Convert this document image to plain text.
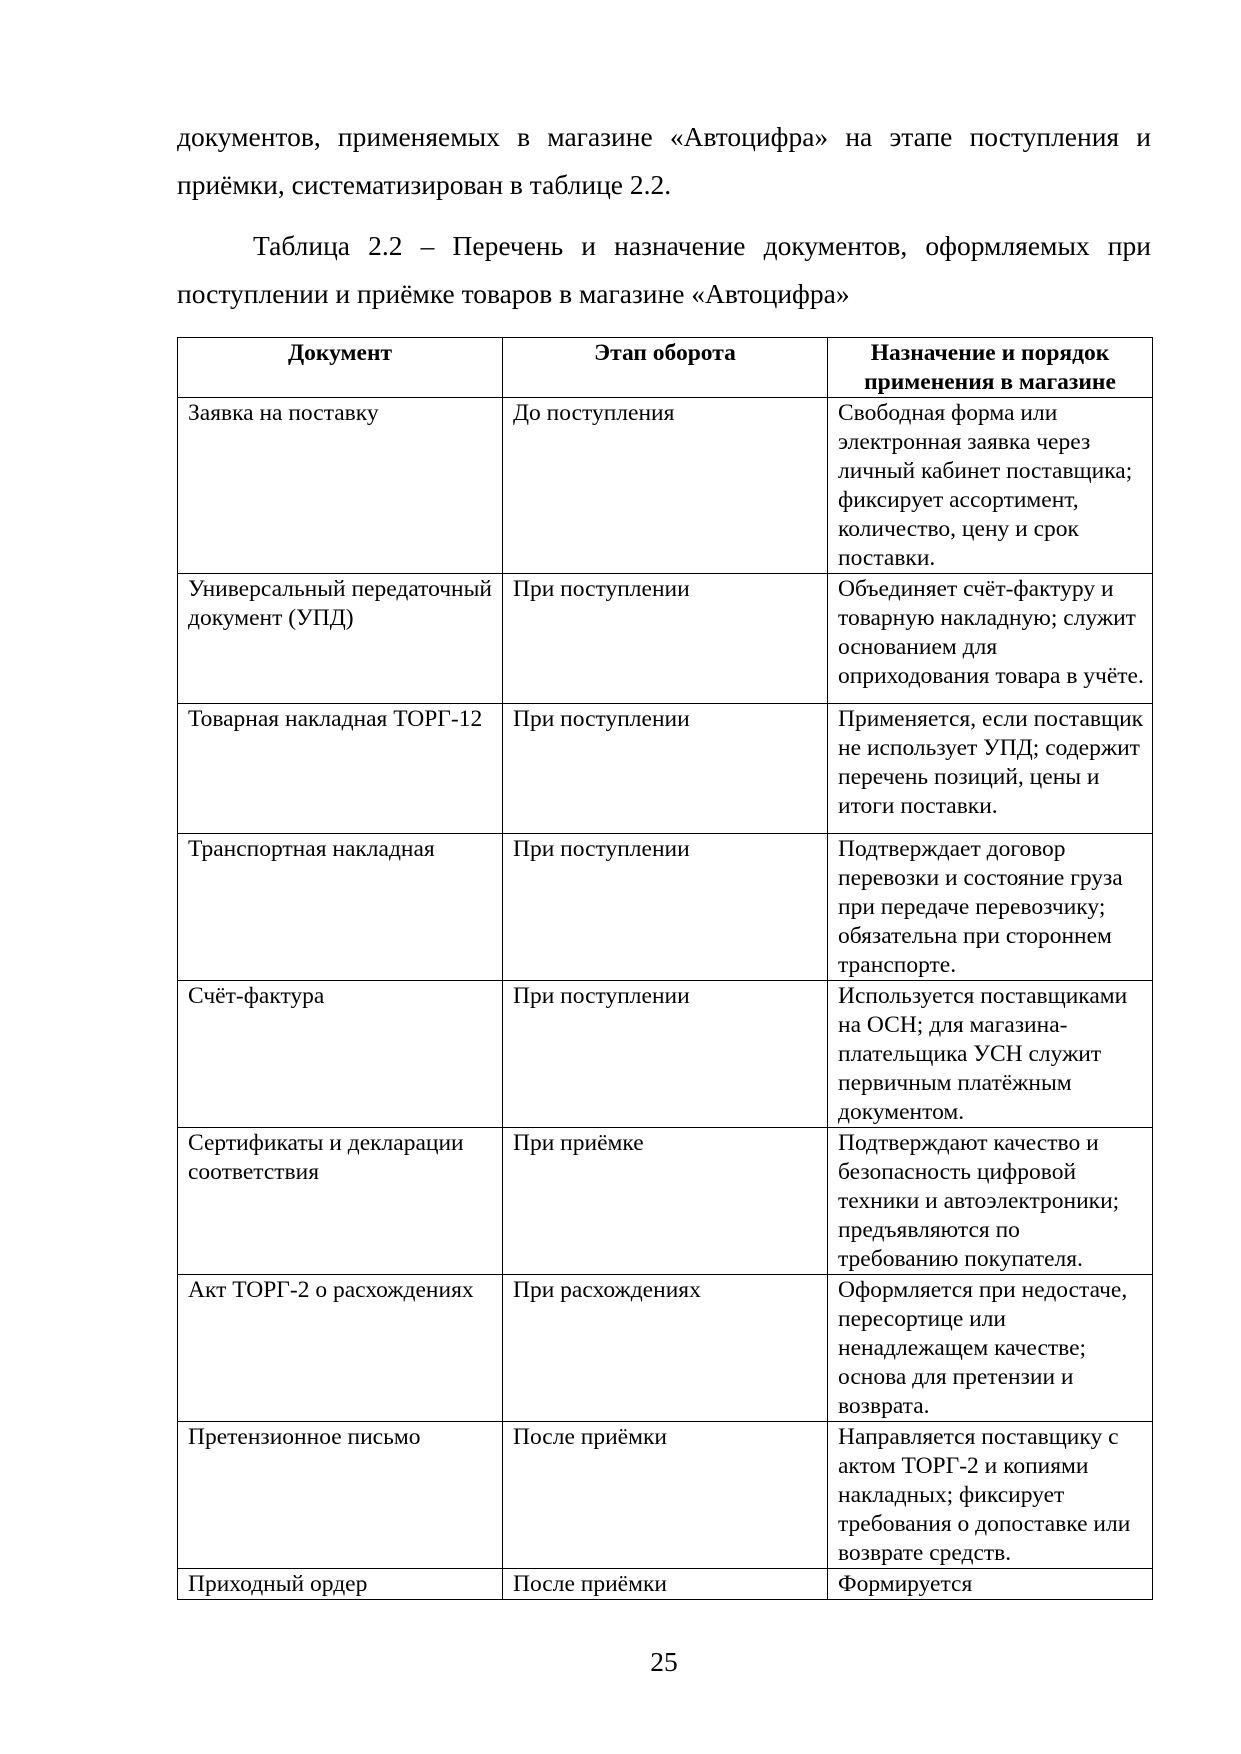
документов, применяемых в магазине «Автоцифра» на этапе поступления и приёмки, систематизирован в таблице 2.2.

Таблица 2.2 – Перечень и назначение документов, оформляемых при поступлении и приёмке товаров в магазине «Автоцифра»

Документ	Этап оборота	Назначение и порядок применения в магазине
Заявка на поставку	До поступления	Свободная форма или электронная заявка через личный кабинет поставщика; фиксирует ассортимент, количество, цену и срок поставки.
Универсальный передаточный документ (УПД)	При поступлении	Объединяет счёт-фактуру и товарную накладную; служит основанием для оприходования товара в учёте.
Товарная накладная ТОРГ-12	При поступлении	Применяется, если поставщик не использует УПД; содержит перечень позиций, цены и итоги поставки.
Транспортная накладная	При поступлении	Подтверждает договор перевозки и состояние груза при передаче перевозчику; обязательна при стороннем транспорте.
Счёт-фактура	При поступлении	Используется поставщиками на ОСН; для магазина-плательщика УСН служит первичным платёжным документом.
Сертификаты и декларации соответствия	При приёмке	Подтверждают качество и безопасность цифровой техники и автоэлектроники; предъявляются по требованию покупателя.
Акт ТОРГ-2 о расхождениях	При расхождениях	Оформляется при недостаче, пересортице или ненадлежащем качестве; основа для претензии и возврата.
Претензионное письмо	После приёмки	Направляется поставщику с актом ТОРГ-2 и копиями накладных; фиксирует требования о допоставке или возврате средств.
Приходный ордер	После приёмки	Формируется
25
